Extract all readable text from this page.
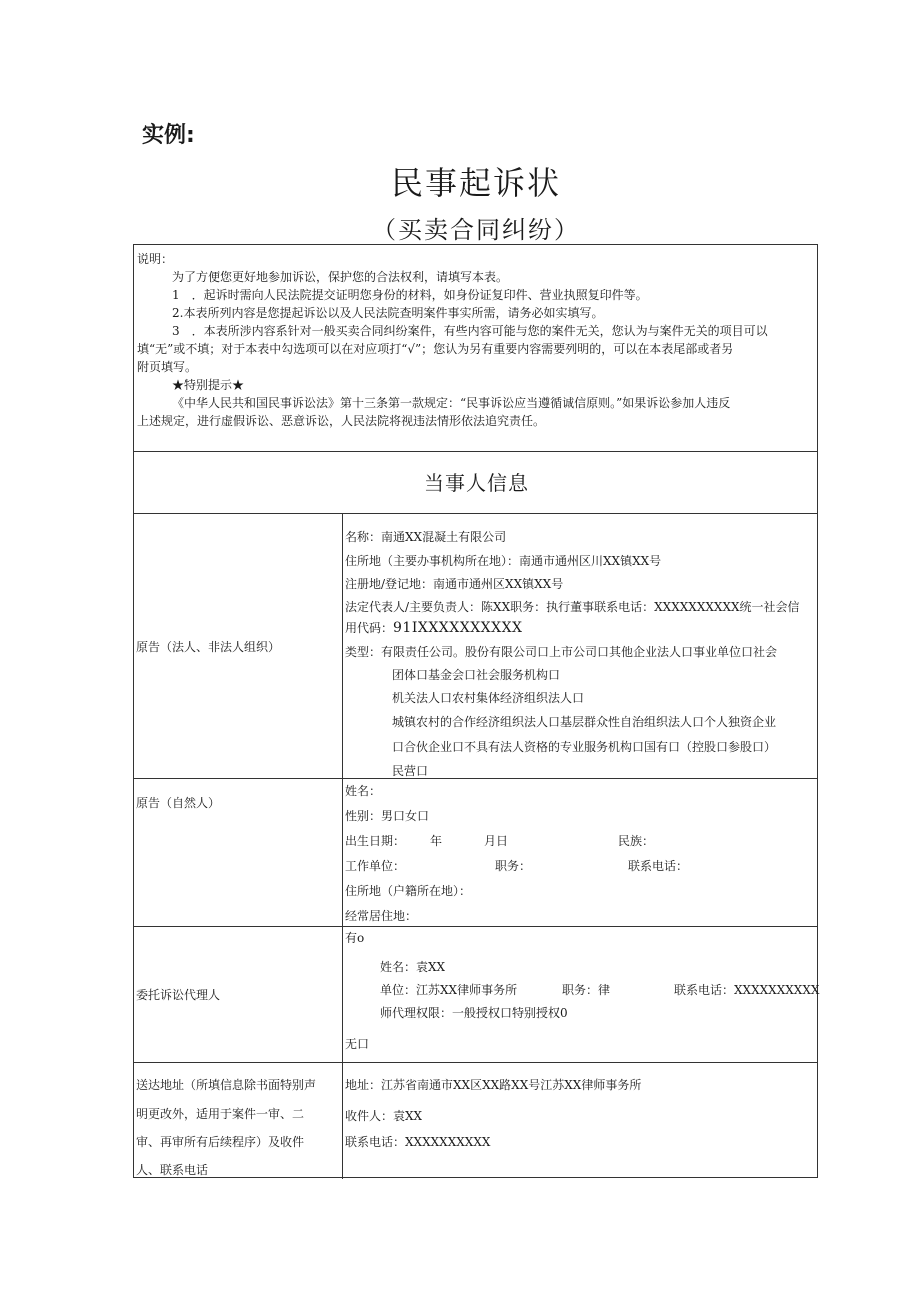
实例:
民事起诉状
（买卖合同纠纷）
说明：
为了方便您更好地参加诉讼，保护您的合法权利，请填写本表。
1　．起诉时需向人民法院提交证明您身份的材料，如身份证复印件、营业执照复印件等。
2.本表所列内容是您提起诉讼以及人民法院查明案件事实所需，请务必如实填写。
3　．本表所涉内容系针对一般买卖合同纠纷案件，有些内容可能与您的案件无关，您认为与案件无关的项目可以
填“无”或不填；对于本表中勾选项可以在对应项打“√”；您认为另有重要内容需要列明的，可以在本表尾部或者另
附页填写。
★特别提示★
《中华人民共和国民事诉讼法》第十三条第一款规定：“民事诉讼应当遵循诚信原则。”如果诉讼参加人违反
上述规定，进行虚假诉讼、恶意诉讼，人民法院将视违法情形依法追究责任。
当事人信息
原告（法人、非法人组织）
名称：南通XX混凝土有限公司
住所地（主要办事机构所在地）：南通市通州区川XX镇XX号
注册地/登记地：南通市通州区XX镇XX号
法定代表人/主要负责人：陈XX职务：执行董事联系电话：XXXXXXXXXX统一社会信
用代码：91IXXXXXXXXXX
类型：有限责任公司。股份有限公司口上市公司口其他企业法人口事业单位口社会
团体口基金会口社会服务机构口
机关法人口农村集体经济组织法人口
城镇农村的合作经济组织法人口基层群众性自治组织法人口个人独资企业
口合伙企业口不具有法人资格的专业服务机构口国有口（控股口参股口）
民营口
原告（自然人）
姓名：
性别：男口女口
出生日期： 年	月日	民族：
工作单位：	职务：	联系电话：
住所地（户籍所在地）：
经常居住地：
委托诉讼代理人
有o
姓名：袁XX
单位：江苏XX律师事务所	职务：律	联系电话：XXXXXXXXXX
师代理权限：一般授权口特别授权0
无口
送达地址（所填信息除书面特别声
明更改外，适用于案件一审、二
审、再审所有后续程序）及收件
人、联系电话
地址：江苏省南通市XX区XX路XX号江苏XX律师事务所
收件人：袁XX
联系电话：XXXXXXXXXX
